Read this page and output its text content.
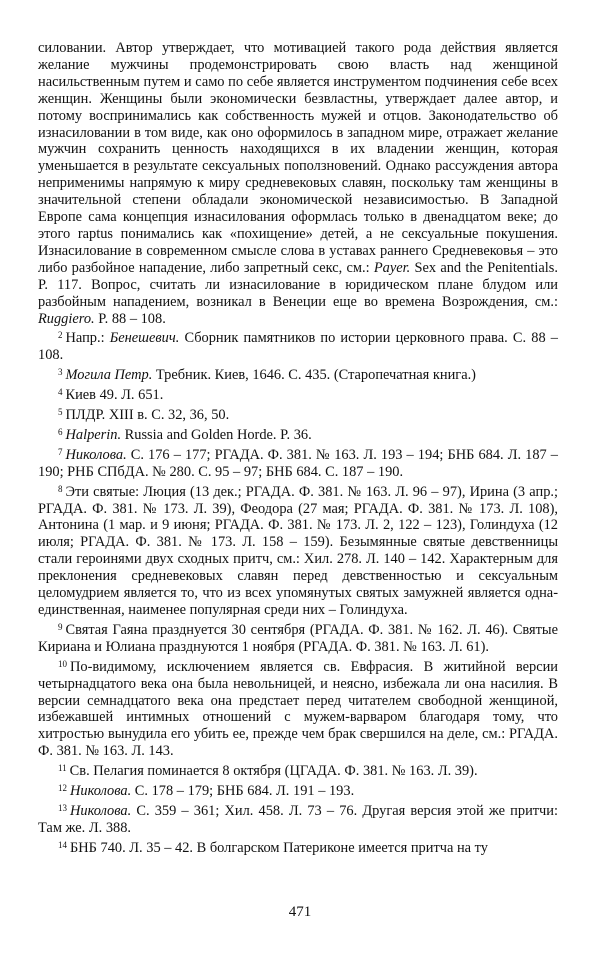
силовании. Автор утверждает, что мотивацией такого рода действия является желание мужчины продемонстрировать свою власть над женщиной насильственным путем и само по себе является инструментом подчинения себе всех женщин. Женщины были экономически безвластны, утверждает далее автор, и потому воспринимались как собственность мужей и отцов. Законодательство об изнасиловании в том виде, как оно оформилось в западном мире, отражает желание мужчин сохранить ценность находящихся в их владении женщин, которая уменьшается в результате сексуальных поползновений. Однако рассуждения автора неприменимы напрямую к миру средневековых славян, поскольку там женщины в значительной степени обладали экономической независимостью. В Западной Европе сама концепция изнасилования оформлась только в двенадцатом веке; до этого raptus понимались как «похищение» детей, а не сексуальные покушения. Изнасилование в современном смысле слова в уставах раннего Средневековья – это либо разбойное нападение, либо запретный секс, см.: Payer. Sex and the Penitentials. P. 117. Вопрос, считать ли изнасилование в юридическом плане блудом или разбойным нападением, возникал в Венеции еще во времена Возрождения, см.: Ruggiero. P. 88 – 108.

$^2$ Напр.: Бенешевич. Сборник памятников по истории церковного права. С. 88 – 108.

$^3$ Могила Петр. Требник. Киев, 1646. С. 435. (Старопечатная книга.)

$^4$ Киев 49. Л. 651.

$^5$ ПЛДР. XIII в. С. 32, 36, 50.

$^6$ Halperin. Russia and Golden Horde. P. 36.

$^7$ Николова. С. 176 – 177; РГАДА. Ф. 381. № 163. Л. 193 – 194; БНБ 684. Л. 187 – 190; РНБ СПбДА. № 280. С. 95 – 97; БНБ 684. С. 187 – 190.

$^8$ Эти святые: Люция (13 дек.; РГАДА. Ф. 381. № 163. Л. 96 – 97), Ирина (3 апр.; РГАДА. Ф. 381. № 173. Л. 39), Феодора (27 мая; РГАДА. Ф. 381. № 173. Л. 108), Антонина (1 мар. и 9 июня; РГАДА. Ф. 381. № 173. Л. 2, 122 – 123), Голиндуха (12 июля; РГАДА. Ф. 381. № 173. Л. 158 – 159). Безымянные святые девственницы стали героинями двух сходных притч, см.: Хил. 278. Л. 140 – 142. Характерным для преклонения средневековых славян перед девственностью и сексуальным целомудрием является то, что из всех упомянутых святых замужней является одна-единственная, наименее популярная среди них – Голиндуха.

$^9$ Святая Гаяна празднуется 30 сентября (РГАДА. Ф. 381. № 162. Л. 46). Святые Кириана и Юлиана празднуются 1 ноября (РГАДА. Ф. 381. № 163. Л. 61).

$^{10}$ По-видимому, исключением является св. Евфрасия. В житийной версии четырнадцатого века она была невольницей, и неясно, избежала ли она насилия. В версии семнадцатого века она предстает перед читателем свободной женщиной, избежавшей интимных отношений с мужем-варваром благодаря тому, что хитростью вынудила его убить ее, прежде чем брак свершился на деле, см.: РГАДА. Ф. 381. № 163. Л. 143.

$^{11}$ Св. Пелагия поминается 8 октября (ЦГАДА. Ф. 381. № 163. Л. 39).

$^{12}$ Николова. С. 178 – 179; БНБ 684. Л. 191 – 193.

$^{13}$ Николова. С. 359 – 361; Хил. 458. Л. 73 – 76. Другая версия этой же притчи: Там же. Л. 388.

$^{14}$ БНБ 740. Л. 35 – 42. В болгарском Патериконе имеется притча на ту

471
